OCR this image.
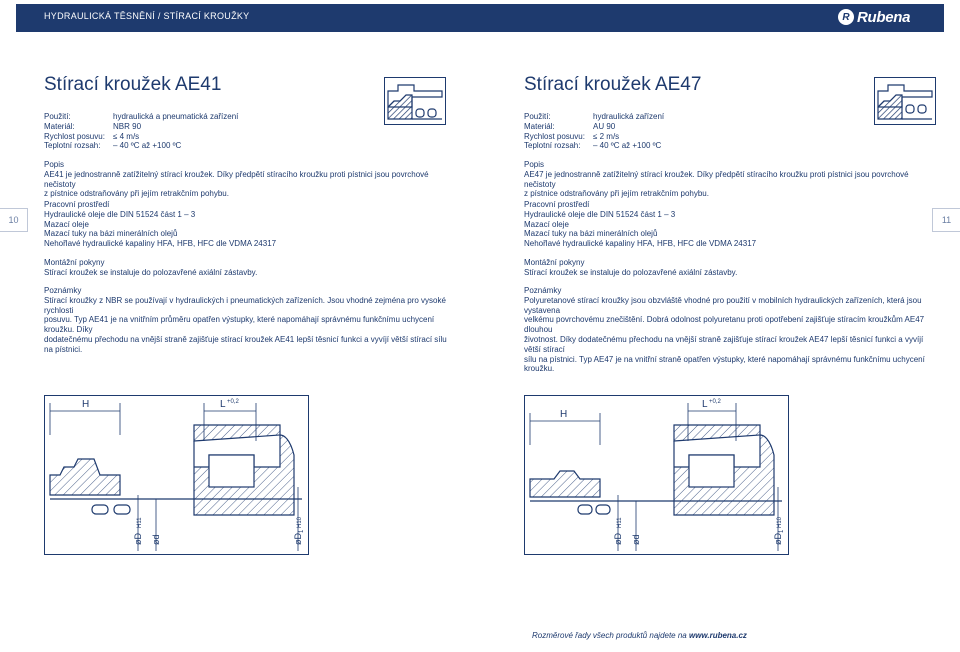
HYDRAULICKÁ TĚSNĚNÍ / STÍRACÍ KROUŽKY	R Rubena
10	11
Stírací kroužek AE41
Použití:	hydraulická a pneumatická zařízení
Materiál:	NBR 90
Rychlost posuvu:	≤ 4 m/s
Teplotní rozsah:	– 40 ºC až +100 ºC
Popis

AE41 je jednostranně zatížitelný stírací kroužek. Díky předpětí stíracího kroužku proti pístnici jsou povrchové nečistoty

z pístnice odstraňovány při jejím retrakčním pohybu.

Pracovní prostředí

Hydraulické oleje dle DIN 51524 část 1 – 3

Mazací oleje

Mazací tuky na bázi minerálních olejů

Nehořlavé hydraulické kapaliny HFA, HFB, HFC dle VDMA 24317

Montážní pokyny

Stírací kroužek se instaluje do polozavřené axiální zástavby.

Poznámky

Stírací kroužky z NBR se používají v hydraulických i pneumatických zařízeních. Jsou vhodné zejména pro vysoké rychlosti

posuvu. Typ AE41 je na vnitřním průměru opatřen výstupky, které napomáhají správnému funkčnímu uchycení kroužku. Díky

dodatečnému přechodu na vnější straně zajišťuje stírací kroužek AE41 lepší těsnicí funkci a vyvíjí větší stírací sílu na pístnici.

H	L +0,2
øD
H11
ød	øD
1
H10
Stírací kroužek AE47
Použití:	hydraulická zařízení
Materiál:	AU 90
Rychlost posuvu:	≤ 2 m/s
Teplotní rozsah:	– 40 ºC až +100 ºC
Popis

AE47 je jednostranně zatížitelný stírací kroužek. Díky předpětí stíracího kroužku proti pístnici jsou povrchové nečistoty

z pístnice odstraňovány při jejím retrakčním pohybu.

Pracovní prostředí

Hydraulické oleje dle DIN 51524 část 1 – 3

Mazací oleje

Mazací tuky na bázi minerálních olejů

Nehořlavé hydraulické kapaliny HFA, HFB, HFC dle VDMA 24317

Montážní pokyny

Stírací kroužek se instaluje do polozavřené axiální zástavby.

Poznámky

Polyuretanové stírací kroužky jsou obzvláště vhodné pro použití v mobilních hydraulických zařízeních, která jsou vystavena

velkému povrchovému znečištění. Dobrá odolnost polyuretanu proti opotřebení zajišťuje stíracím kroužkům AE47 dlouhou

životnost. Díky dodatečnému přechodu na vnější straně zajišťuje stírací kroužek AE47 lepší těsnicí funkci a vyvíjí větší stírací

sílu na pístnici. Typ AE47 je na vnitřní straně opatřen výstupky, které napomáhají správnému funkčnímu uchycení kroužku.

H
L +0,2
øD
H11
ød	øD
1
H10
Rozměrové řady všech produktů najdete na www.rubena.cz
